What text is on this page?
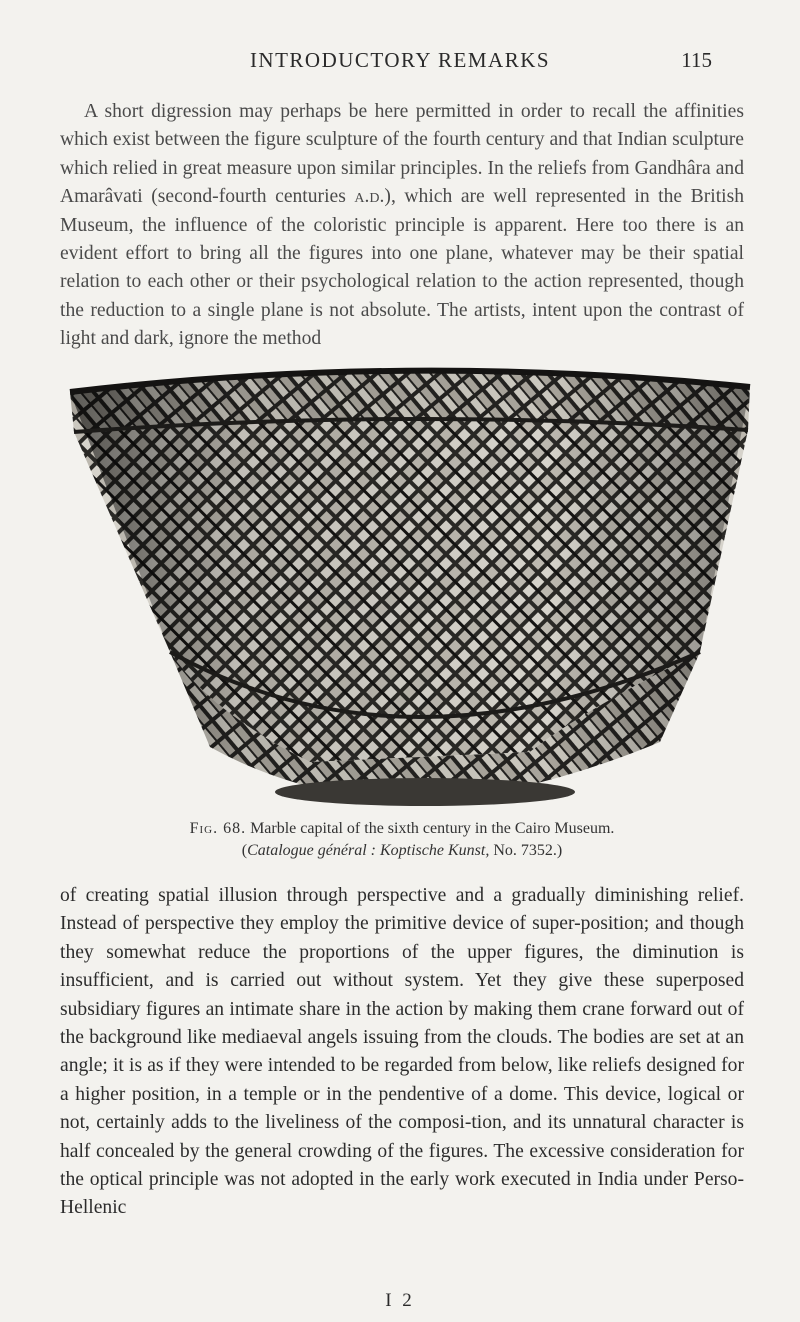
INTRODUCTORY REMARKS	115

A short digression may perhaps be here permitted in order to recall the affinities which exist between the figure sculpture of the fourth century and that Indian sculpture which relied in great measure upon similar principles. In the reliefs from Gandhâra and Amarâvati (second-fourth centuries a.d.), which are well represented in the British Museum, the influence of the coloristic principle is apparent. Here too there is an evident effort to bring all the figures into one plane, whatever may be their spatial relation to each other or their psychological relation to the action represented, though the reduction to a single plane is not absolute. The artists, intent upon the contrast of light and dark, ignore the method

Fig. 68. Marble capital of the sixth century in the Cairo Museum.
(Catalogue général : Koptische Kunst, No. 7352.)

of creating spatial illusion through perspective and a gradually diminishing relief. Instead of perspective they employ the primitive device of super-position; and though they somewhat reduce the proportions of the upper figures, the diminution is insufficient, and is carried out without system. Yet they give these superposed subsidiary figures an intimate share in the action by making them crane forward out of the background like mediaeval angels issuing from the clouds. The bodies are set at an angle; it is as if they were intended to be regarded from below, like reliefs designed for a higher position, in a temple or in the pendentive of a dome. This device, logical or not, certainly adds to the liveliness of the composi-tion, and its unnatural character is half concealed by the general crowding of the figures. The excessive consideration for the optical principle was not adopted in the early work executed in India under Perso-Hellenic

I 2
